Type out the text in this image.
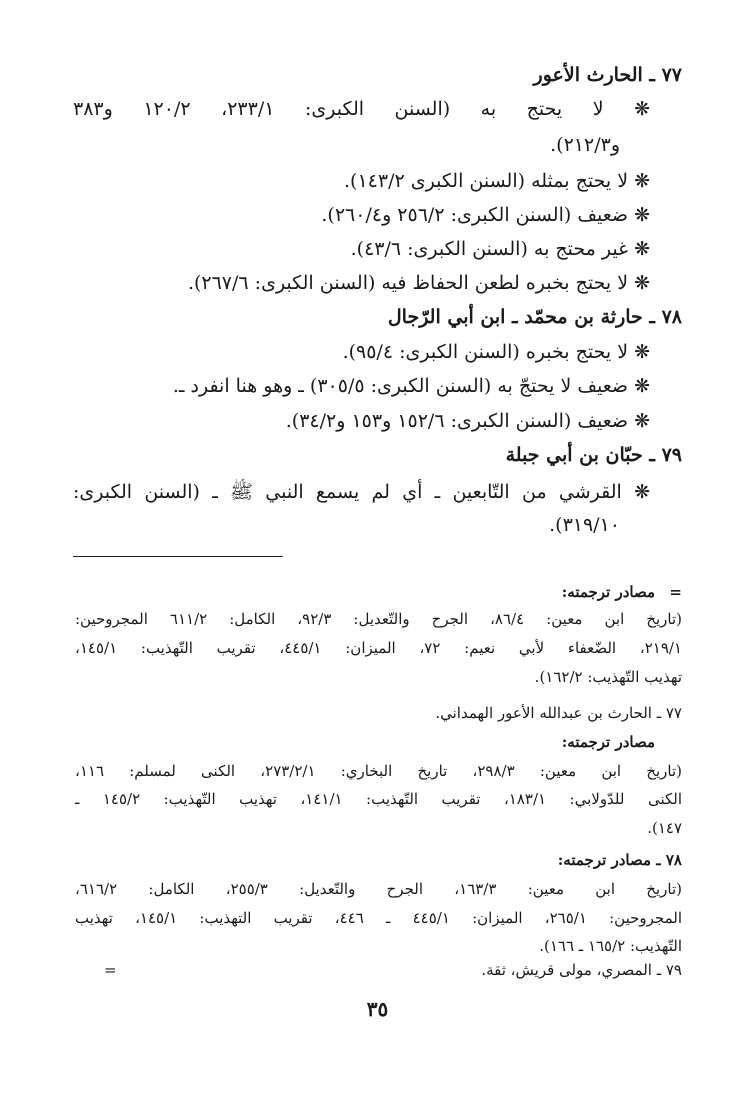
٧٧ ـ الحارث الأعور
❋ لا يحتج به (السنن الكبرى: ٢٣٣/١، ١٢٠/٢ و٣٨٣
و٢١٢/٣).
❋ لا يحتج بمثله (السنن الكبرى ١٤٣/٢).
❋ ضعيف (السنن الكبرى: ٢٥٦/٢ و٢٦٠/٤).
❋ غير محتج به (السنن الكبرى: ٤٣/٦).
❋ لا يحتج بخبره لطعن الحفاظ فيه (السنن الكبرى: ٢٦٧/٦).
٧٨ ـ حارثة بن محمّد ـ ابن أبي الرّجال
❋ لا يحتج بخبره (السنن الكبرى: ٩٥/٤).
❋ ضعيف لا يحتجّ به (السنن الكبرى: ٣٠٥/٥) ـ وهو هنا انفرد ـ.
❋ ضعيف (السنن الكبرى: ١٥٢/٦ و١٥٣ و٣٤/٢).
٧٩ ـ حبّان بن أبي جبلة
❋ القرشي من التّابعين ـ أي لم يسمع النبي ﷺ ـ (السنن الكبرى:
٣١٩/١٠).
=
مصادر ترجمته:
(تاريخ ابن معين: ٨٦/٤، الجرح والتّعديل: ٩٢/٣، الكامل: ٦١١/٢ المجروحين:
٢١٩/١، الضّعفاء لأبي نعيم: ٧٢، الميزان: ٤٤٥/١، تقريب التّهذيب: ١٤٥/١،
تهذيب التّهذيب: ١٦٢/٢).
٧٧ ـ الحارث بن عبدالله الأعور الهمداني.
مصادر ترجمته:
(تاريخ ابن معين: ٢٩٨/٣، تاريخ البخاري: ٢٧٣/٢/١، الكنى لمسلم: ١١٦،
الكنى للدّولابي: ١٨٣/١، تقريب التّهذيب: ١٤١/١، تهذيب التّهذيب: ١٤٥/٢ ـ
١٤٧).
٧٨ ـ مصادر ترجمته:
(تاريخ ابن معين: ١٦٣/٣، الجرح والتّعديل: ٢٥٥/٣، الكامل: ٦١٦/٢،
المجروحين: ٢٦٥/١، الميزان: ٤٤٥/١ ـ ٤٤٦، تقريب التهذيب: ١٤٥/١، تهذيب
التّهذيب: ١٦٥/٢ ـ ١٦٦).
٧٩ ـ المصري، مولى قريش، ثقة.
=
٣٥
